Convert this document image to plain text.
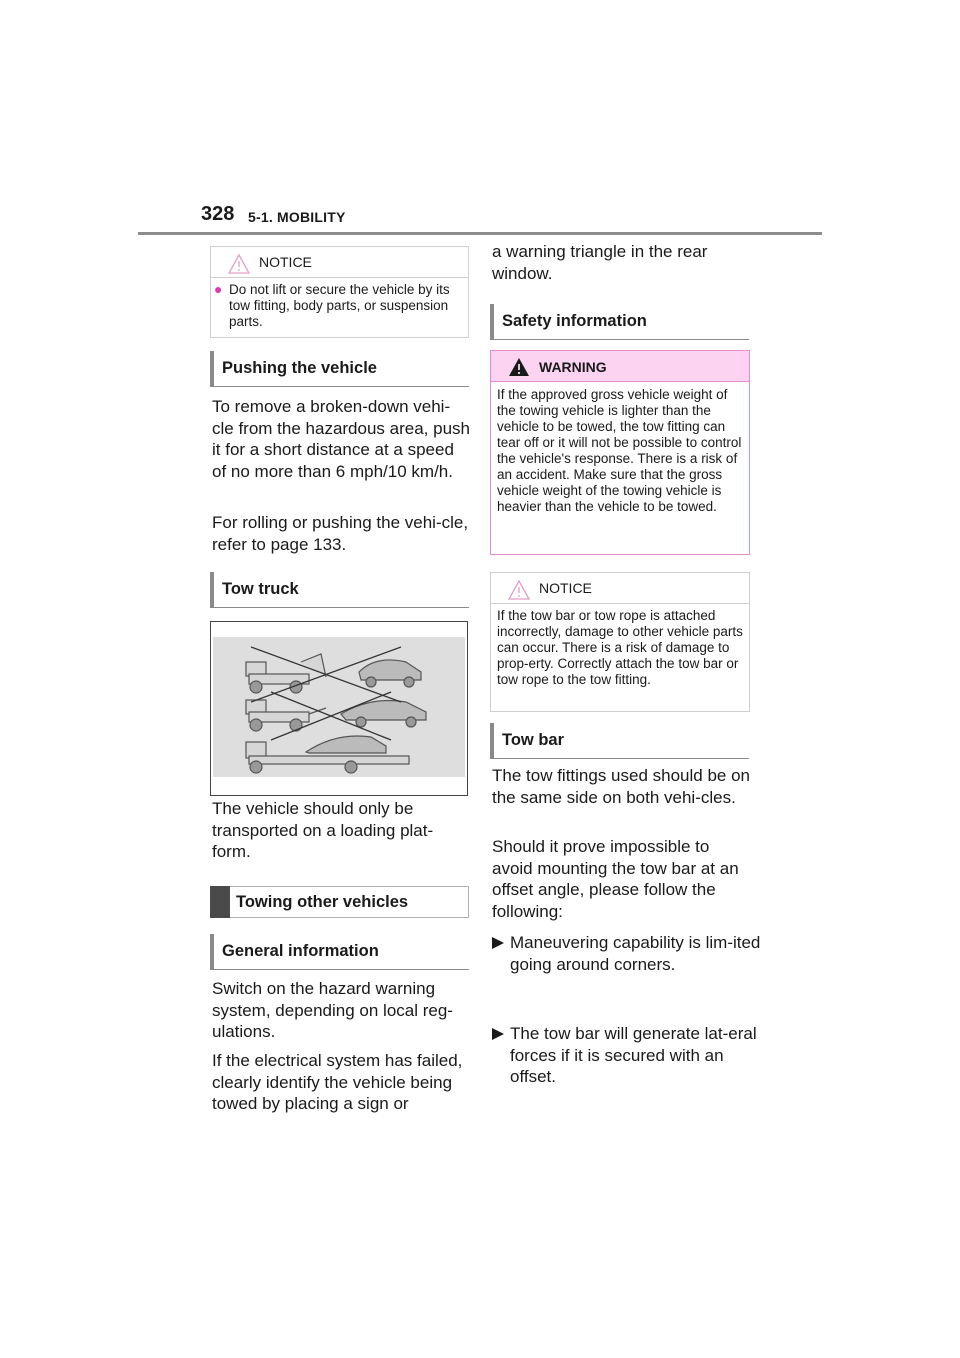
328 5-1. MOBILITY
NOTICE
● Do not lift or secure the vehicle by its tow fitting, body parts, or suspension parts.
Pushing the vehicle
To remove a broken-down vehi-cle from the hazardous area, push it for a short distance at a speed of no more than 6 mph/10 km/h.
For rolling or pushing the vehi-cle, refer to page 133.
Tow truck
The vehicle should only be transported on a loading plat-form.
Towing other vehicles
General information
Switch on the hazard warning system, depending on local reg-ulations.
If the electrical system has failed, clearly identify the vehicle being towed by placing a sign or
a warning triangle in the rear window.
Safety information
WARNING
If the approved gross vehicle weight of the towing vehicle is lighter than the vehicle to be towed, the tow fitting can tear off or it will not be possible to control the vehicle's response. There is a risk of an accident. Make sure that the gross vehicle weight of the towing vehicle is heavier than the vehicle to be towed.
NOTICE
If the tow bar or tow rope is attached incorrectly, damage to other vehicle parts can occur. There is a risk of damage to prop-erty. Correctly attach the tow bar or tow rope to the tow fitting.
Tow bar
The tow fittings used should be on the same side on both vehi-cles.
Should it prove impossible to avoid mounting the tow bar at an offset angle, please follow the following:
Maneuvering capability is lim-ited going around corners.
The tow bar will generate lat-eral forces if it is secured with an offset.
